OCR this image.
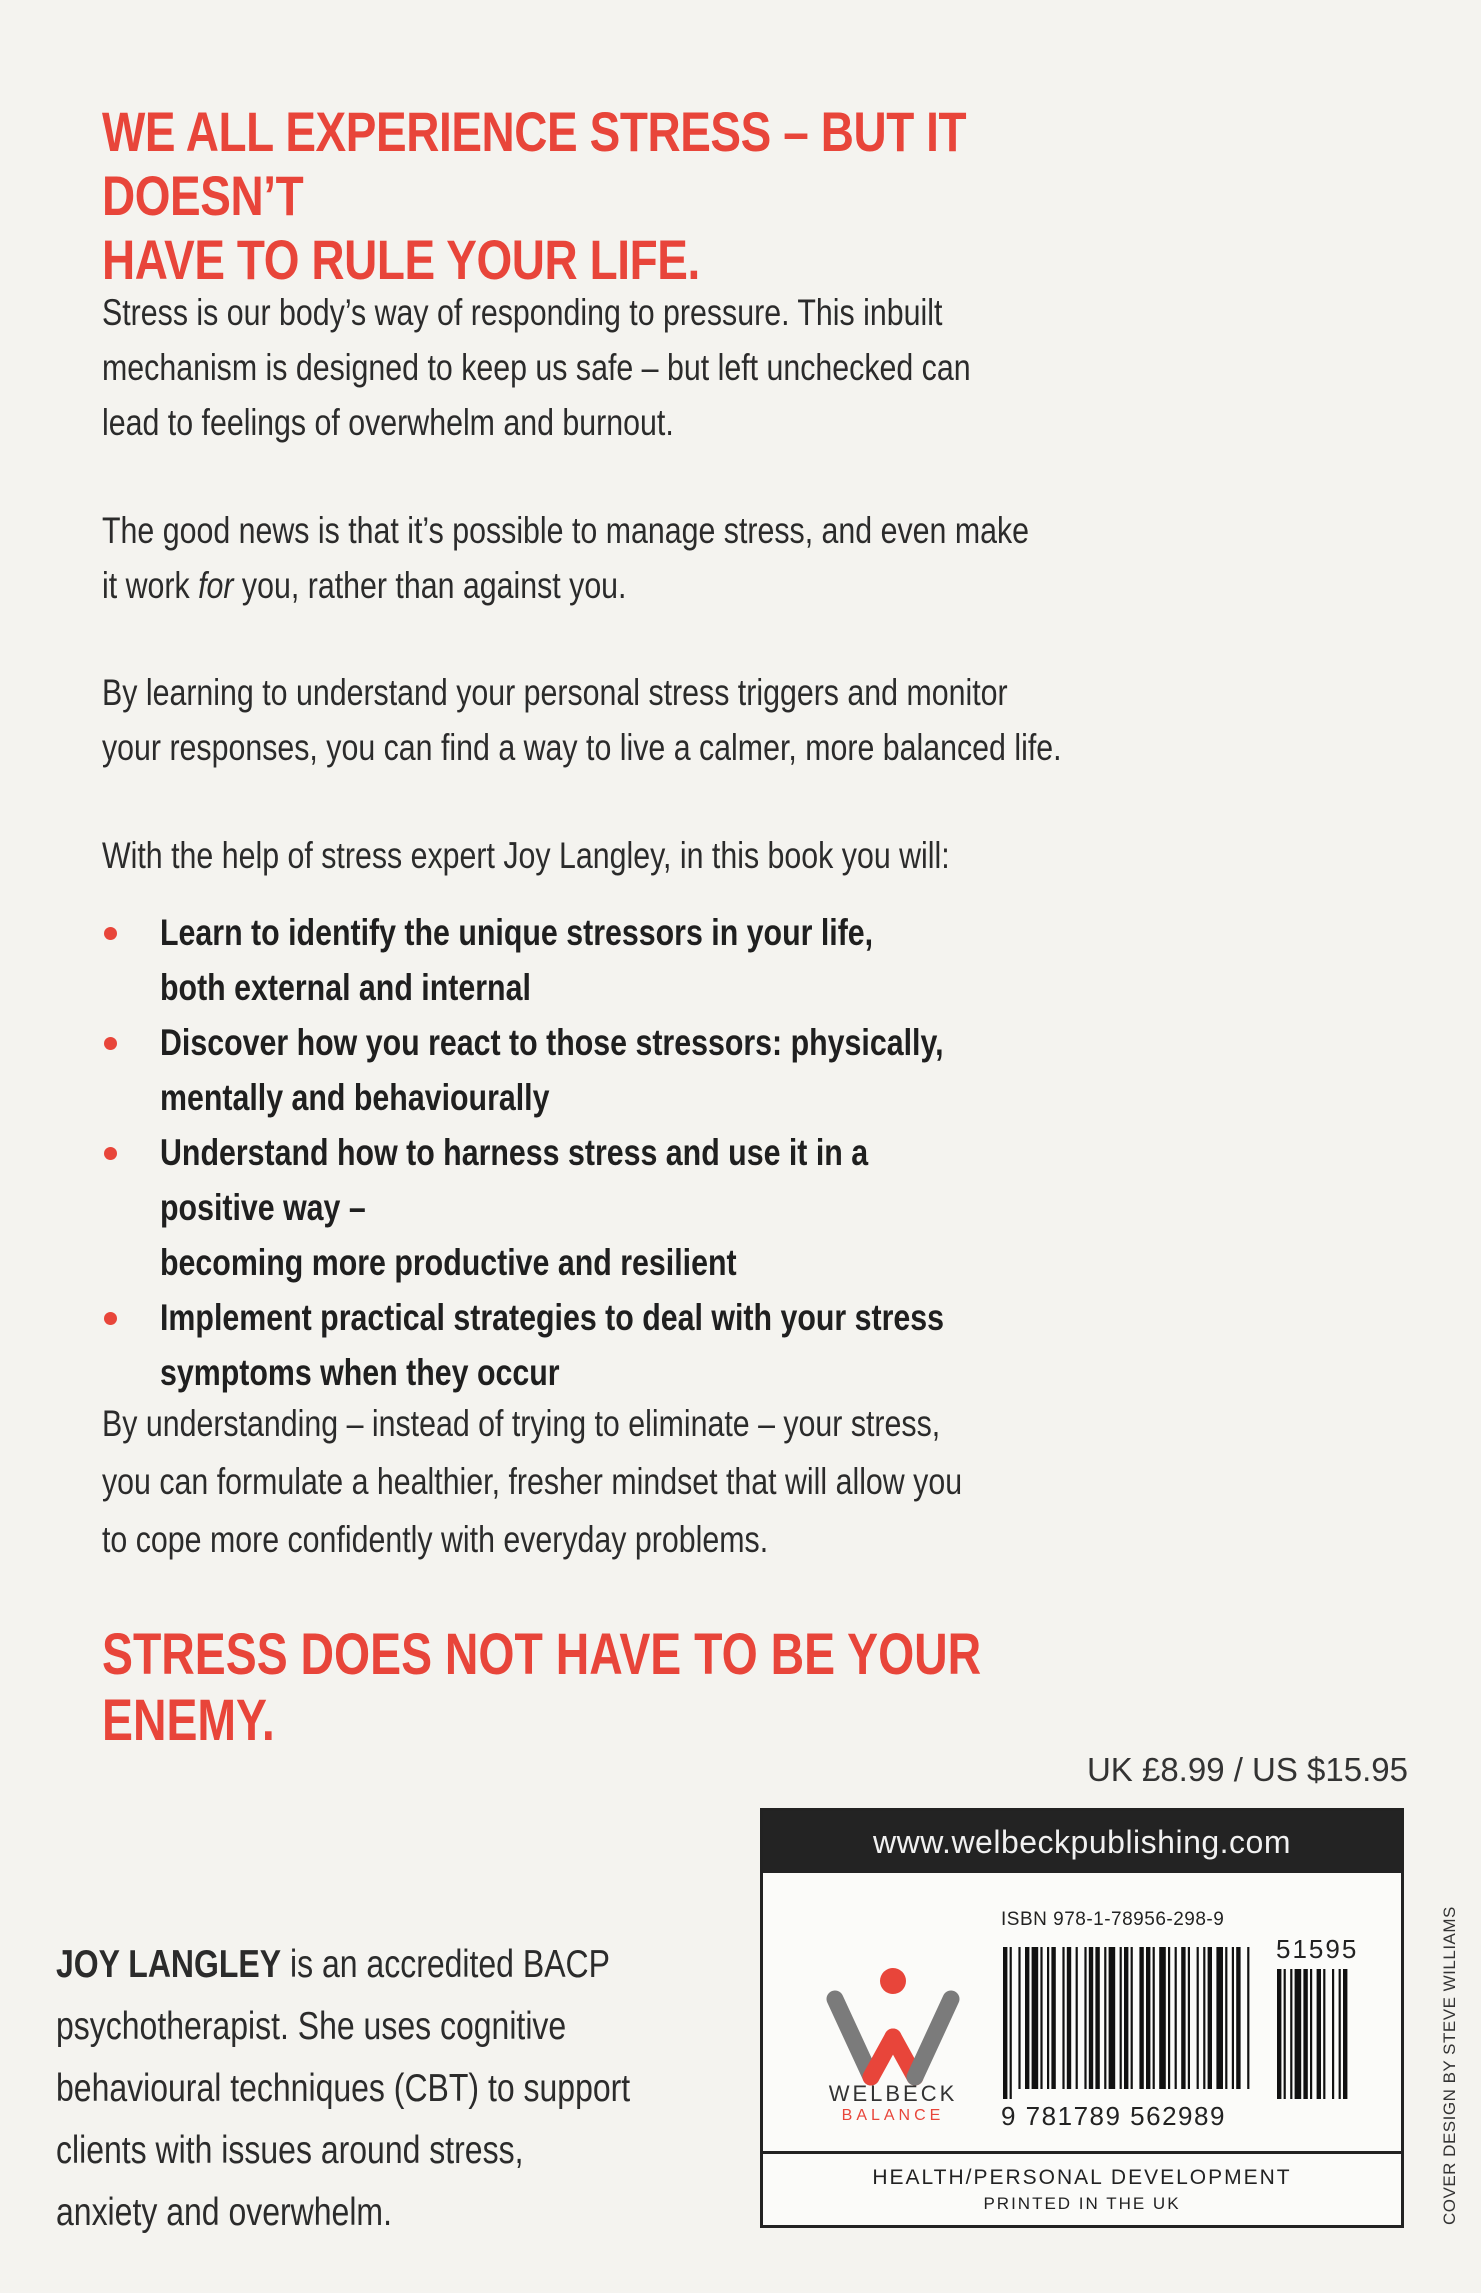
WE ALL EXPERIENCE STRESS – BUT IT DOESN’T
HAVE TO RULE YOUR LIFE.

Stress is our body’s way of responding to pressure. This inbuilt
mechanism is designed to keep us safe – but left unchecked can
lead to feelings of overwhelm and burnout.

The good news is that it’s possible to manage stress, and even make
it work for you, rather than against you.

By learning to understand your personal stress triggers and monitor
your responses, you can find a way to live a calmer, more balanced life.

With the help of stress expert Joy Langley, in this book you will:

Learn to identify the unique stressors in your life,
both external and internal
Discover how you react to those stressors: physically,
mentally and behaviourally
Understand how to harness stress and use it in a positive way –
becoming more productive and resilient
Implement practical strategies to deal with your stress
symptoms when they occur

By understanding – instead of trying to eliminate – your stress,
you can formulate a healthier, fresher mindset that will allow you
to cope more confidently with everyday problems.

STRESS DOES NOT HAVE TO BE YOUR ENEMY.
UK £8.99 / US $15.95
www.welbeckpublishing.com
WELBECK
BALANCE
ISBN 978-1-78956-298-9
51595
9 781789 562989
HEALTH/PERSONAL DEVELOPMENT
PRINTED IN THE UK	COVER DESIGN BY STEVE WILLIAMS

JOY LANGLEY is an accredited BACP
psychotherapist. She uses cognitive
behavioural techniques (CBT) to support
clients with issues around stress,
anxiety and overwhelm.
